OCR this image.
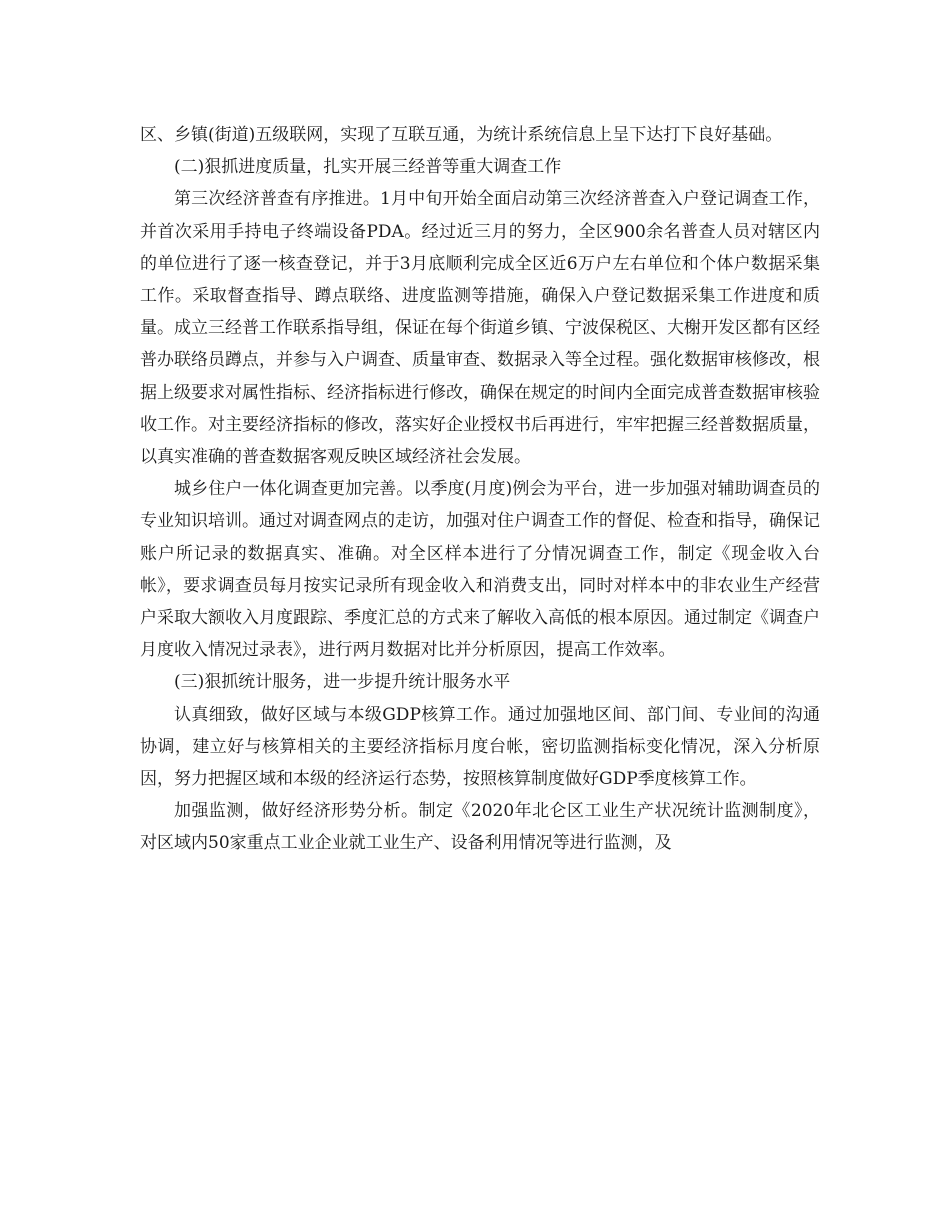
区、乡镇(街道)五级联网，实现了互联互通，为统计系统信息上呈下达打下良好基础。

(二)狠抓进度质量，扎实开展三经普等重大调查工作

第三次经济普查有序推进。1月中旬开始全面启动第三次经济普查入户登记调查工作，并首次采用手持电子终端设备PDA。经过近三月的努力，全区900余名普查人员对辖区内的单位进行了逐一核查登记，并于3月底顺利完成全区近6万户左右单位和个体户数据采集工作。采取督查指导、蹲点联络、进度监测等措施，确保入户登记数据采集工作进度和质量。成立三经普工作联系指导组，保证在每个街道乡镇、宁波保税区、大榭开发区都有区经普办联络员蹲点，并参与入户调查、质量审查、数据录入等全过程。强化数据审核修改，根据上级要求对属性指标、经济指标进行修改，确保在规定的时间内全面完成普查数据审核验收工作。对主要经济指标的修改，落实好企业授权书后再进行，牢牢把握三经普数据质量，以真实准确的普查数据客观反映区域经济社会发展。

城乡住户一体化调查更加完善。以季度(月度)例会为平台，进一步加强对辅助调查员的专业知识培训。通过对调查网点的走访，加强对住户调查工作的督促、检查和指导，确保记账户所记录的数据真实、准确。对全区样本进行了分情况调查工作，制定《现金收入台帐》，要求调查员每月按实记录所有现金收入和消费支出，同时对样本中的非农业生产经营户采取大额收入月度跟踪、季度汇总的方式来了解收入高低的根本原因。通过制定《调查户月度收入情况过录表》，进行两月数据对比并分析原因，提高工作效率。

(三)狠抓统计服务，进一步提升统计服务水平

认真细致，做好区域与本级GDP核算工作。通过加强地区间、部门间、专业间的沟通协调，建立好与核算相关的主要经济指标月度台帐，密切监测指标变化情况，深入分析原因，努力把握区域和本级的经济运行态势，按照核算制度做好GDP季度核算工作。

加强监测，做好经济形势分析。制定《2020年北仑区工业生产状况统计监测制度》，对区域内50家重点工业企业就工业生产、设备利用情况等进行监测，及
